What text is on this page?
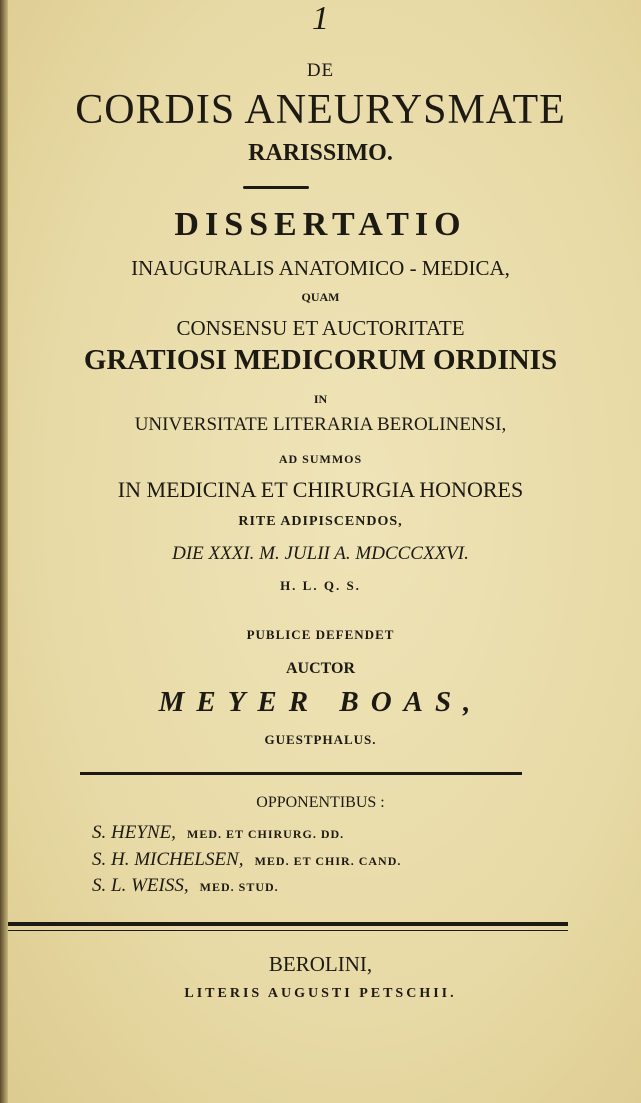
1
DE
CORDIS ANEURYSMATE
RARISSIMO.
DISSERTATIO
INAUGURALIS ANATOMICO - MEDICA,
QUAM
CONSENSU ET AUCTORITATE
GRATIOSI MEDICORUM ORDINIS
IN
UNIVERSITATE LITERARIA BEROLINENSI,
AD SUMMOS
IN MEDICINA ET CHIRURGIA HONORES
RITE ADIPISCENDOS,
DIE XXXI. M. JULII A. MDCCCXXVI.
H. L. Q. S.
PUBLICE DEFENDET
AUCTOR
MEYER BOAS,
GUESTPHALUS.
OPPONENTIBUS :
S. HEYNE, MED. ET CHIRURG. DD.
S. H. MICHELSEN, MED. ET CHIR. CAND.
S. L. WEISS, MED. STUD.
BEROLINI,
LITERIS AUGUSTI PETSCHII.
